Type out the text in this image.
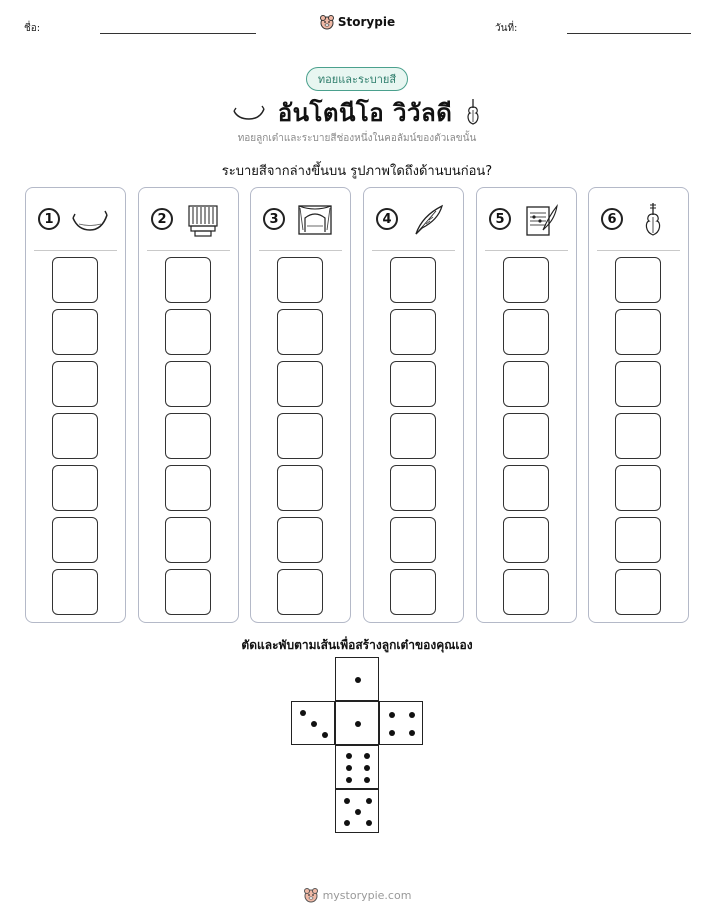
ชื่อ:	Storypie	วันที่:
ทอยและระบายสี
อันโตนีโอ วิวัลดี
ทอยลูกเต๋าและระบายสีช่องหนึ่งในคอลัมน์ของตัวเลขนั้น
ระบายสีจากล่างขึ้นบน รูปภาพใดถึงด้านบนก่อน?
1	2	3	4	5	6
ตัดและพับตามเส้นเพื่อสร้างลูกเต๋าของคุณเอง
mystorypie.com
